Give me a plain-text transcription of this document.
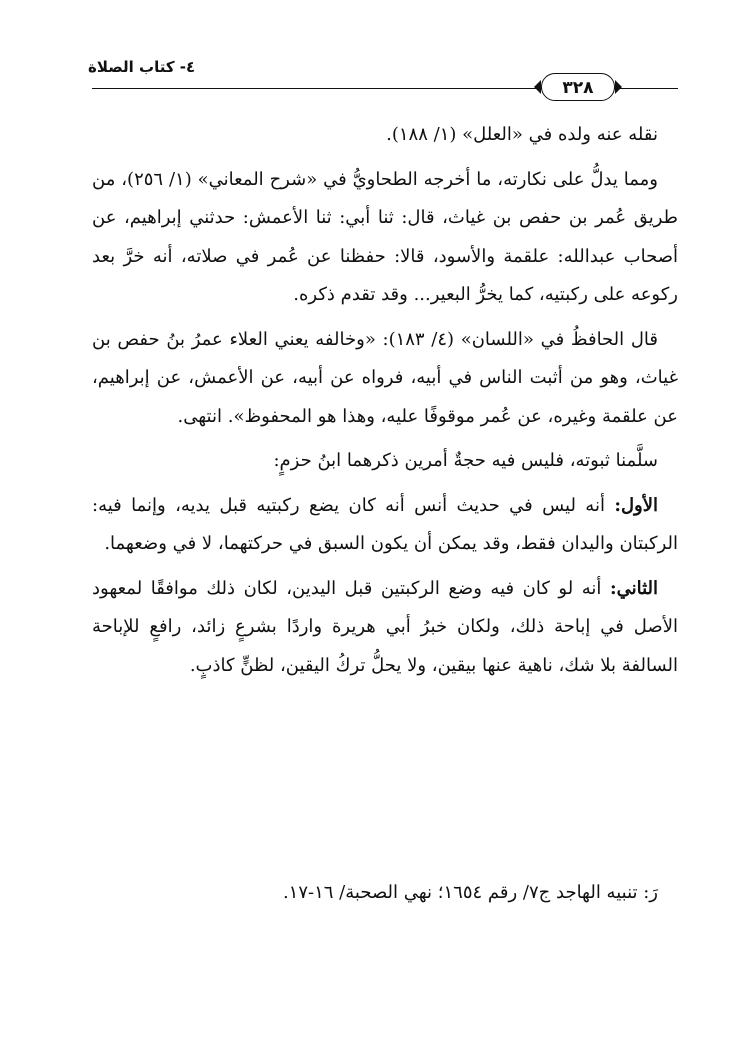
٤- كتاب الصلاة
٣٢٨

نقله عنه ولده في «العلل» (١/ ١٨٨).

ومما يدلُّ على نكارته، ما أخرجه الطحاويُّ في «شرح المعاني» (١/ ٢٥٦)، من طريق عُمر بن حفص بن غياث، قال: ثنا أبي: ثنا الأعمش: حدثني إبراهيم، عن أصحاب عبدالله: علقمة والأسود، قالا: حفظنا عن عُمر في صلاته، أنه خرَّ بعد ركوعه على ركبتيه، كما يخرُّ البعير... وقد تقدم ذكره.

قال الحافظُ في «اللسان» (٤/ ١٨٣): «وخالفه يعني العلاء عمرُ بنُ حفص بن غياث، وهو من أثبت الناس في أبيه، فرواه عن أبيه، عن الأعمش، عن إبراهيم، عن علقمة وغيره، عن عُمر موقوفًا عليه، وهذا هو المحفوظ». انتهى.

سلَّمنا ثبوته، فليس فيه حجةٌ أمرين ذكرهما ابنُ حزمٍ:

الأول: أنه ليس في حديث أنس أنه كان يضع ركبتيه قبل يديه، وإنما فيه: الركبتان واليدان فقط، وقد يمكن أن يكون السبق في حركتهما، لا في وضعهما.

الثاني: أنه لو كان فيه وضع الركبتين قبل اليدين، لكان ذلك موافقًا لمعهود الأصل في إباحة ذلك، ولكان خبرُ أبي هريرة واردًا بشرعٍ زائد، رافعٍ للإباحة السالفة بلا شك، ناهية عنها بيقين، ولا يحلُّ تركُ اليقين، لظنٍّ كاذبٍ.

رَ: تنبيه الهاجد ج٧/ رقم ١٦٥٤؛ نهي الصحبة/ ١٦-١٧.
